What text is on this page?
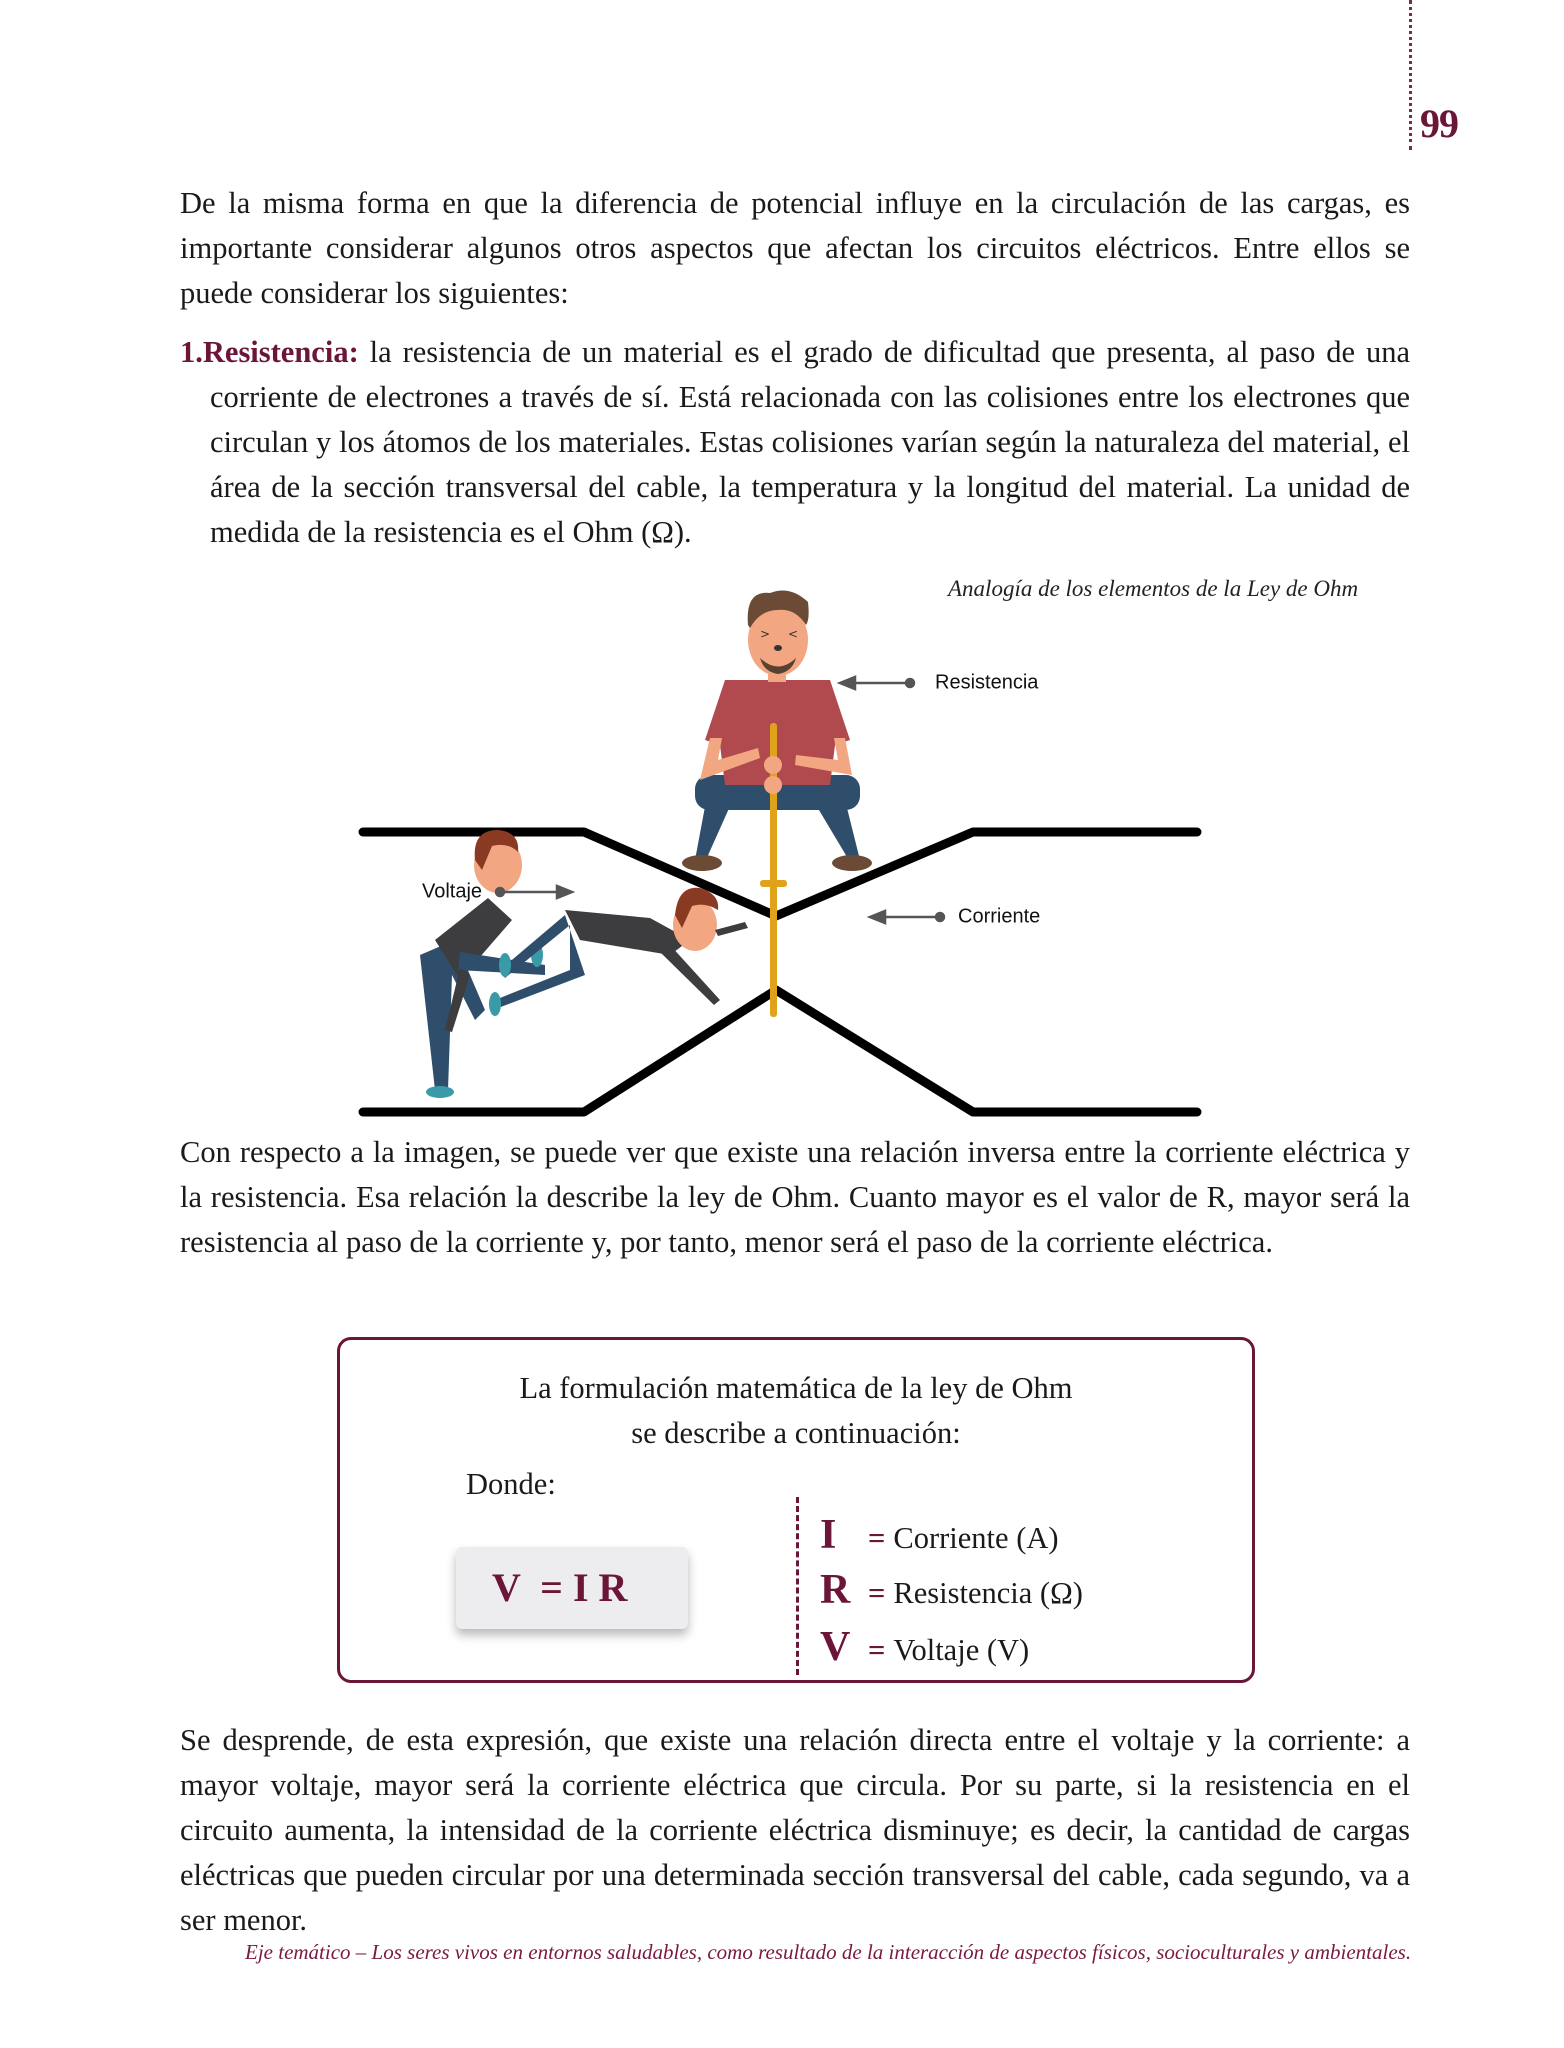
99

De la misma forma en que la diferencia de potencial influye en la circulación de las cargas, es importante considerar algunos otros aspectos que afectan los circuitos eléctricos. Entre ellos se puede considerar los siguientes:

1.Resistencia: la resistencia de un material es el grado de dificultad que presenta, al paso de una corriente de electrones a través de sí. Está relacionada con las colisiones entre los electrones que circulan y los átomos de los materiales. Estas colisiones varían según la naturaleza del material, el área de la sección transversal del cable, la temperatura y la longitud del material. La unidad de medida de la resistencia es el Ohm (Ω).

Analogía de los elementos de la Ley de Ohm
> <
Resistencia
Voltaje
Corriente

Con respecto a la imagen, se puede ver que existe una relación inversa entre la corriente eléctrica y la resistencia. Esa relación la describe la ley de Ohm. Cuanto mayor es el valor de R, mayor será la resistencia al paso de la corriente y, por tanto, menor será el paso de la corriente eléctrica.

La formulación matemática de la ley de Ohm
se describe a continuación:
Donde:
V  = I R
I = Corriente (A)
R = Resistencia (Ω)
V = Voltaje (V)

Se desprende, de esta expresión, que existe una relación directa entre el voltaje y la corriente: a mayor voltaje, mayor será la corriente eléctrica que circula. Por su parte, si la resistencia en el circuito aumenta, la intensidad de la corriente eléctrica disminuye; es decir, la cantidad de cargas eléctricas que pueden circular por una determinada sección transversal del cable, cada segundo, va a ser menor.

Eje temático – Los seres vivos en entornos saludables, como resultado de la interacción de aspectos físicos, socioculturales y ambientales.
